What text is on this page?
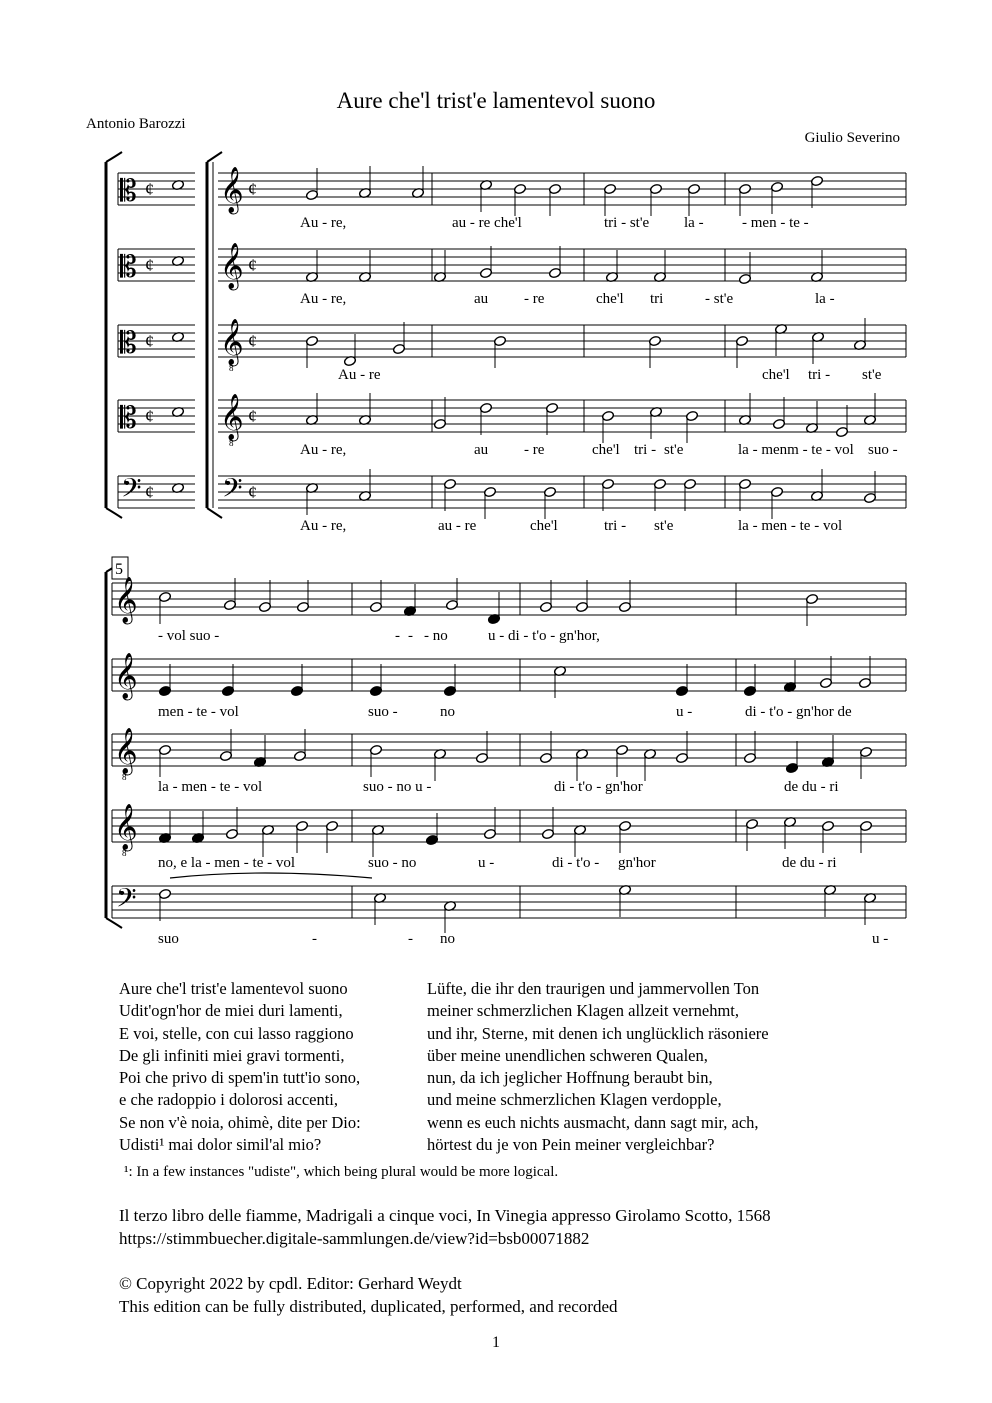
Aure che'l trist'e lamentevol suono
Antonio Barozzi
Giulio Severino
𝄡 ¢ 𝄞 ¢
Au - re,	au - re che'l	tri - st'e la -	- men - te -
𝄡 ¢ 𝄞 ¢
Au - re,	au - re	che'l tri	- st'e	la -
𝄡 ¢ 𝄞
8
¢
Au - re	che'l tri - st'e
𝄡 ¢ 𝄞
8
¢
Au - re,	au - re	che'l tri - st'e	la - menm - te - vol suo -
𝄢 ¢ 𝄢 ¢
Au - re,	au - re	che'l	tri - st'e	la - men - te - vol
5
𝄞
- vol suo -	- - - no	u - di - t'o - gn'hor,
𝄞
men - te - vol	suo -	no	u -	di - t'o - gn'hor de
𝄞
8
la - men - te - vol	suo - no u -	di - t'o - gn'hor	de du - ri
𝄞
8
no, e la - men - te - vol	suo - no	u -	di - t'o - gn'hor	de du - ri
𝄢
suo	-	- no	u -
Aure che'l trist'e lamentevol suono
Udit'ogn'hor de miei duri lamenti,
E voi, stelle, con cui lasso raggiono
De gli infiniti miei gravi tormenti,
Poi che privo di spem'in tutt'io sono,
e che radoppio i dolorosi accenti,
Se non v'è noia, ohimè, dite per Dio:
Udisti¹ mai dolor simil'al mio?
Lüfte, die ihr den traurigen und jammervollen Ton
meiner schmerzlichen Klagen allzeit vernehmt,
und ihr, Sterne, mit denen ich unglücklich räsoniere
über meine unendlichen schweren Qualen,
nun, da ich jeglicher Hoffnung beraubt bin,
und meine schmerzlichen Klagen verdopple,
wenn es euch nichts ausmacht, dann sagt mir, ach,
hörtest du je von Pein meiner vergleichbar?
¹: In a few instances "udiste", which being plural would be more logical.
Il terzo libro delle fiamme, Madrigali a cinque voci, In Vinegia appresso Girolamo Scotto, 1568
https://stimmbuecher.digitale-sammlungen.de/view?id=bsb00071882
© Copyright 2022 by cpdl. Editor: Gerhard Weydt
This edition can be fully distributed, duplicated, performed, and recorded
1
